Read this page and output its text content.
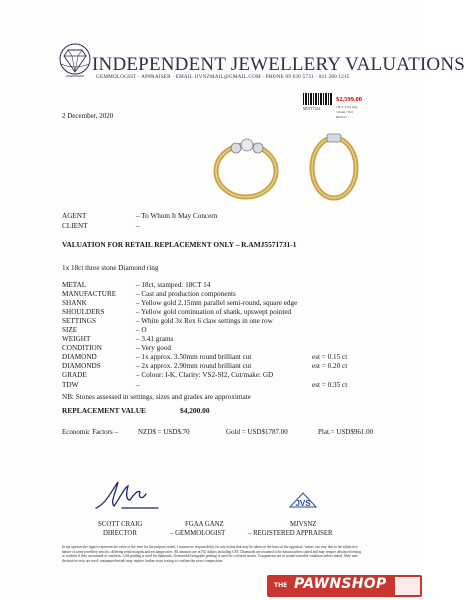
INDEPENDENT JEWELLERY VALUATIONS
GEMMOLOGIST · APPRAISER · EMAIL IJVNZMAIL@GMAIL.COM · PHONE 09 630 5731 · 021 280 1215
2 December, 2020
M5717314
$2,599.00
18CT 3 stn ring
3 diam .35ct
RE2CO
AGENT	– To Whom It May Concern
CLIENT	–
VALUATION FOR RETAIL REPLACEMENT ONLY – R.AMJ5571731-1
1x 18ct three stone Diamond ring
METAL	– 18ct, stamped: 18CT 14
MANUFACTURE	– Cast and production components
SHANK	– Yellow gold 2.15mm parallel semi-round, square edge
SHOULDERS	– Yellow gold continuation of shank, upswept pointed
SETTINGS	– White gold 3x Rex 6 claw settings in one row
SIZE	– O
WEIGHT	– 3.41 grams
CONDITION	– Very good
DIAMOND	– 1x approx. 3.50mm round brilliant cut	est = 0.15 ct
DIAMONDS	– 2x approx. 2.90mm round brilliant cut	est = 0.20 ct
GRADE	– Colour: I-K, Clarity: VS2-SI2, Cut/make: GD
TDW	–	est = 0.35 ct
NB: Stones assessed in settings, sizes and grades are approximate
REPLACEMENT VALUE	$4,200.00
Economic Factors –	NZD$ = USD$.70	Gold = USD$1787.00	Plat.= USD$961.00
JVS
SCOTT CRAIG
DIRECTOR
FGAA GANZ
– GEMMOLOGIST
MJVSNZ
– REGISTERED APPRAISER
In my opinion the figures represent the value of the item for the purpose stated. I assume no responsibility for any action that may be taken on the basis of the appraisal -values can vary due to the subjective nature of some jewellery articles, differing retail margins and exchange rates. All amounts are in NZ dollars including GST. Diamonds are assumed to be natural unless stated and may require advanced testing to confirm if they are natural or synthetic. GIA grading is used for diamonds, Gemworld/Gemguide grading is used for coloured stones. Components are in sound wearable condition unless stated. Only non-destructive tests are used- unstamped metals may require further assay testing to confirm the exact composition.
THE PAWNSHOP
